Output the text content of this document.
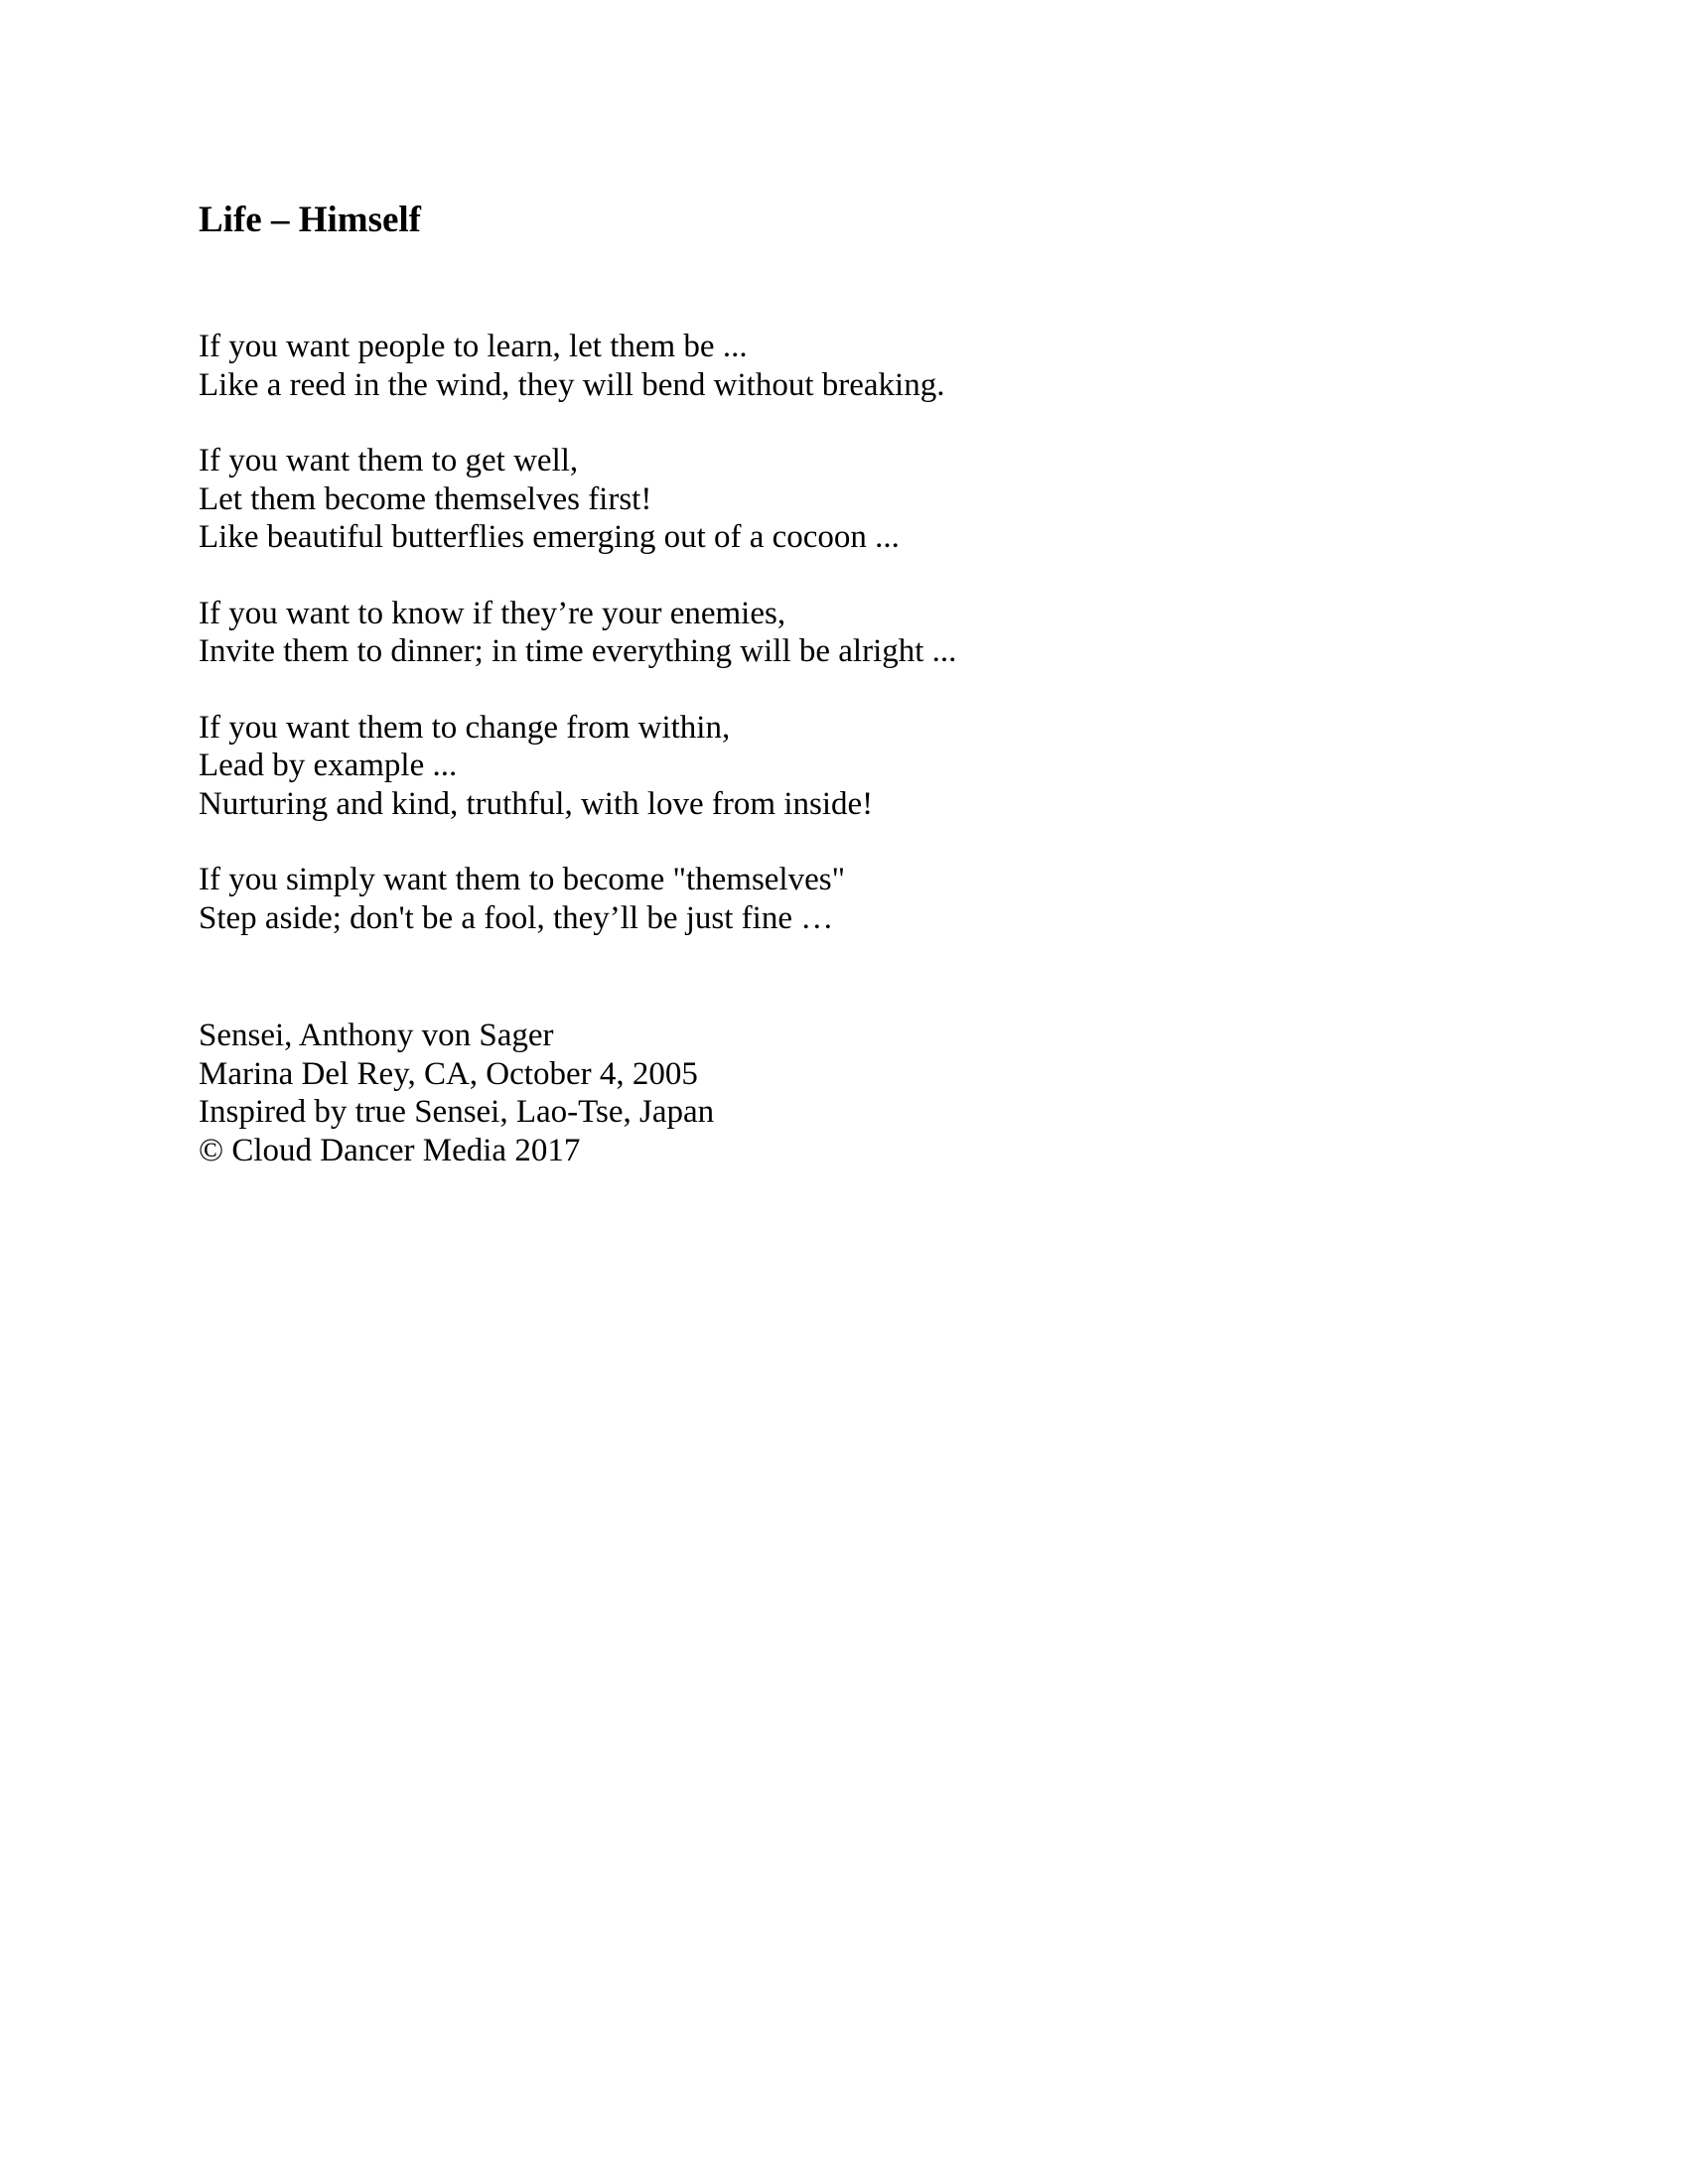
Life – Himself
If you want people to learn, let them be ...
Like a reed in the wind, they will bend without breaking.
If you want them to get well,
Let them become themselves first!
Like beautiful butterflies emerging out of a cocoon ...
If you want to know if they’re your enemies,
Invite them to dinner; in time everything will be alright ...
If you want them to change from within,
Lead by example ...
Nurturing and kind, truthful, with love from inside!
If you simply want them to become "themselves"
Step aside; don't be a fool, they’ll be just fine …
Sensei, Anthony von Sager
Marina Del Rey, CA, October 4, 2005
Inspired by true Sensei, Lao-Tse, Japan
© Cloud Dancer Media 2017
